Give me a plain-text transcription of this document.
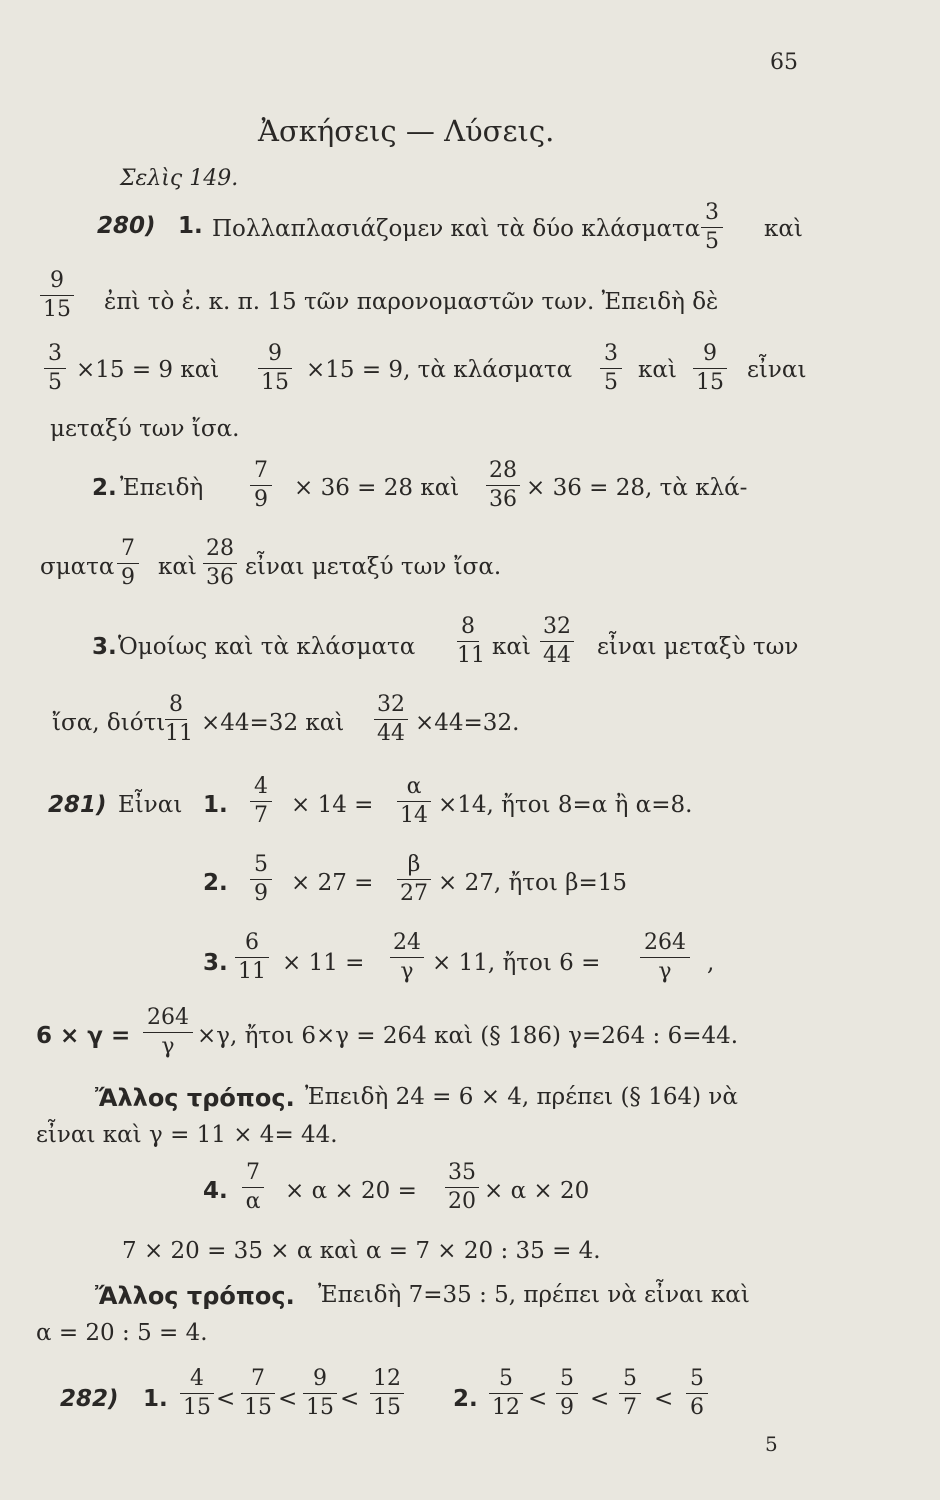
65
Ἀσκήσεις — Λύσεις.
Σελὶς 149.
280) 1. Πολλαπλασιάζομεν καὶ τὰ δύο κλάσματα $\frac{3}{5}$ καὶ
$\frac{9}{15}$ ἐπὶ τὸ ἐ. κ. π. 15 τῶν παρονομαστῶν των. Ἐπειδὴ δὲ
$\frac{3}{5} \times 15 = 9$ καὶ $\frac{9}{15} \times 15 = 9$, τὰ κλάσματα $\frac{3}{5}$ καὶ $\frac{9}{15}$ εἶναι
μεταξύ των ἴσα.
2. Ἐπειδὴ $\frac{7}{9} \times 36 = 28$ καὶ $\frac{28}{36} \times 36 = 28$, τὰ κλά-
σματα $\frac{7}{9}$ καὶ $\frac{28}{36}$ εἶναι μεταξύ των ἴσα.
3. Ὁμοίως καὶ τὰ κλάσματα $\frac{8}{11}$ καὶ $\frac{32}{44}$ εἶναι μεταξὺ των
ἴσα, διότι $\frac{8}{11} \times 44=32$ καὶ $\frac{32}{44} \times 44=32$.
281) Εἶναι 1. $\frac{4}{7} \times 14 = \frac{\alpha}{14} \times 14$, ἤτοι 8=α ἢ α=8.
2. $\frac{5}{9} \times 27 = \frac{\beta}{27} \times 27$, ἤτοι β=15
3. $\frac{6}{11} \times 11 = \frac{24}{\gamma} \times 11$, ἤτοι $6 = \frac{264}{\gamma}$ ,
$6 \times \gamma = \frac{264}{\gamma} \times\gamma$, ἤτοι 6×γ = 264 καὶ (§ 186) γ=264 : 6=44.
Ἄλλος τρόπος. Ἐπειδὴ 24 = 6 × 4, πρέπει (§ 164) νὰ
εἶναι καὶ γ = 11 × 4= 44.
4. $\frac{7}{\alpha} \times \alpha \times 20 = \frac{35}{20} \times \alpha \times 20$
7 × 20 = 35 × α καὶ α = 7 × 20 : 35 = 4.
Ἄλλος τρόπος. Ἐπειδὴ 7=35 : 5, πρέπει νὰ εἶναι καὶ
α = 20 : 5 = 4.
282) 1. $\frac{4}{15} < \frac{7}{15} < \frac{9}{15} < \frac{12}{15} 2$. $\frac{5}{12} < \frac{5}{9} < \frac{5}{7} < \frac{5}{6}$
5
